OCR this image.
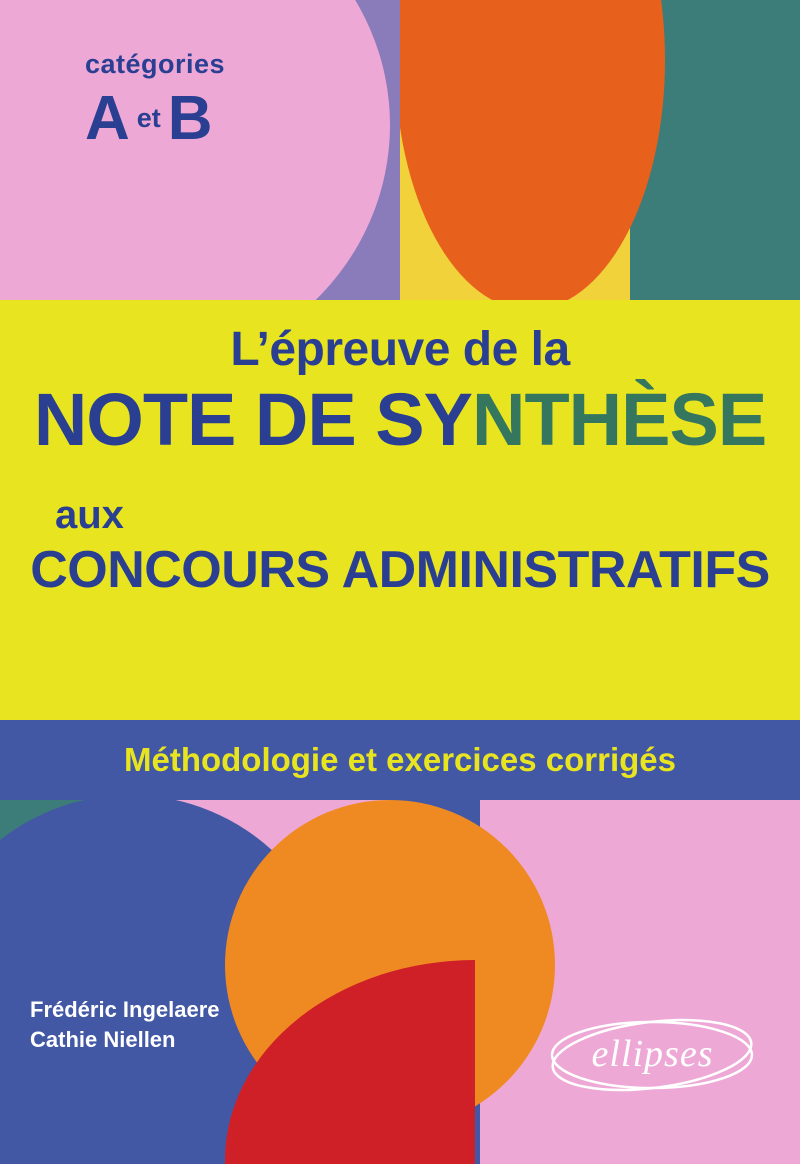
catégories
Aet B
L’épreuve de la
NOTE DE SYNTHÈSE
aux
CONCOURS ADMINISTRATIFS
Méthodologie et exercices corrigés
Frédéric Ingelaere
Cathie Niellen	ellipses
